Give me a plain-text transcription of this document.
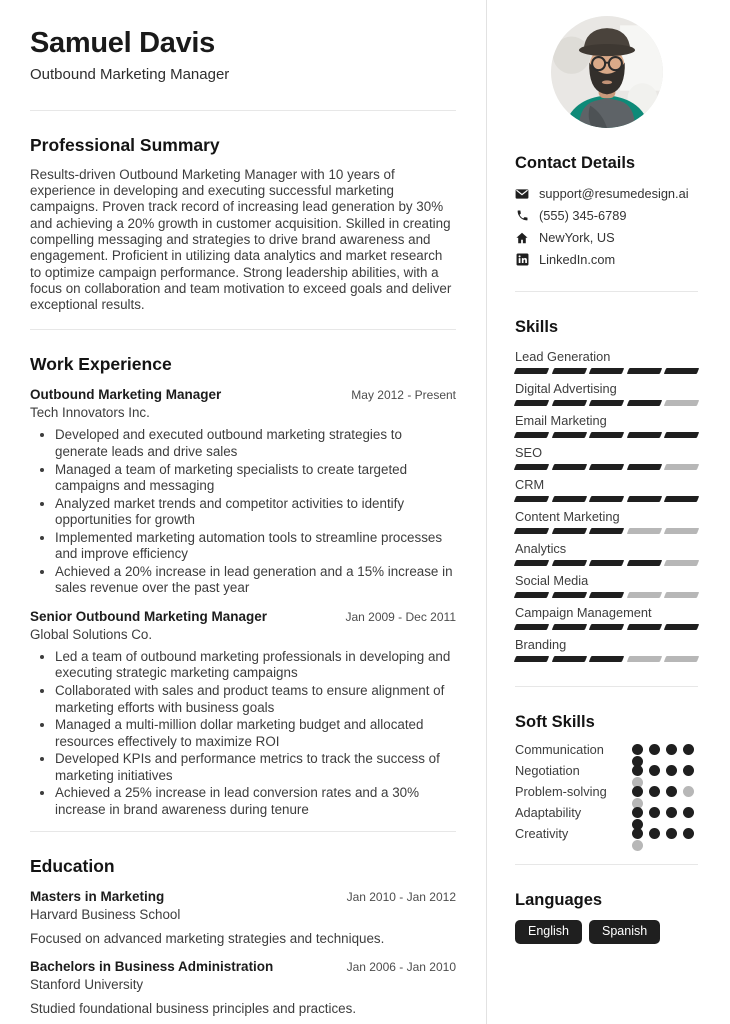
Samuel Davis
Outbound Marketing Manager
Professional Summary

Results-driven Outbound Marketing Manager with 10 years of experience in developing and executing successful marketing campaigns. Proven track record of increasing lead generation by 30% and achieving a 20% growth in customer acquisition. Skilled in creating compelling messaging and strategies to drive brand awareness and engagement. Proficient in utilizing data analytics and market research to optimize campaign performance. Strong leadership abilities, with a focus on collaboration and team motivation to exceed goals and deliver exceptional results.

Work Experience
Outbound Marketing Manager	May 2012 - Present
Tech Innovators Inc.
• Developed and executed outbound marketing strategies to generate leads and drive sales
• Managed a team of marketing specialists to create targeted campaigns and messaging
• Analyzed market trends and competitor activities to identify opportunities for growth
• Implemented marketing automation tools to streamline processes and improve efficiency
• Achieved a 20% increase in lead generation and a 15% increase in sales revenue over the past year
Senior Outbound Marketing Manager	Jan 2009 - Dec 2011
Global Solutions Co.
• Led a team of outbound marketing professionals in developing and executing strategic marketing campaigns
• Collaborated with sales and product teams to ensure alignment of marketing efforts with business goals
• Managed a multi-million dollar marketing budget and allocated resources effectively to maximize ROI
• Developed KPIs and performance metrics to track the success of marketing initiatives
• Achieved a 25% increase in lead conversion rates and a 30% increase in brand awareness during tenure
Education
Masters in Marketing	Jan 2010 - Jan 2012
Harvard Business School
Focused on advanced marketing strategies and techniques.
Bachelors in Business Administration	Jan 2006 - Jan 2010
Stanford University
Studied foundational business principles and practices.
Contact Details
support@resumedesign.ai
(555) 345-6789
NewYork, US
LinkedIn.com
Skills
Lead Generation
Digital Advertising
Email Marketing
SEO
CRM
Content Marketing
Analytics
Social Media
Campaign Management
Branding
Soft Skills
Communication
Negotiation
Problem-solving
Adaptability
Creativity
Languages
English	Spanish
